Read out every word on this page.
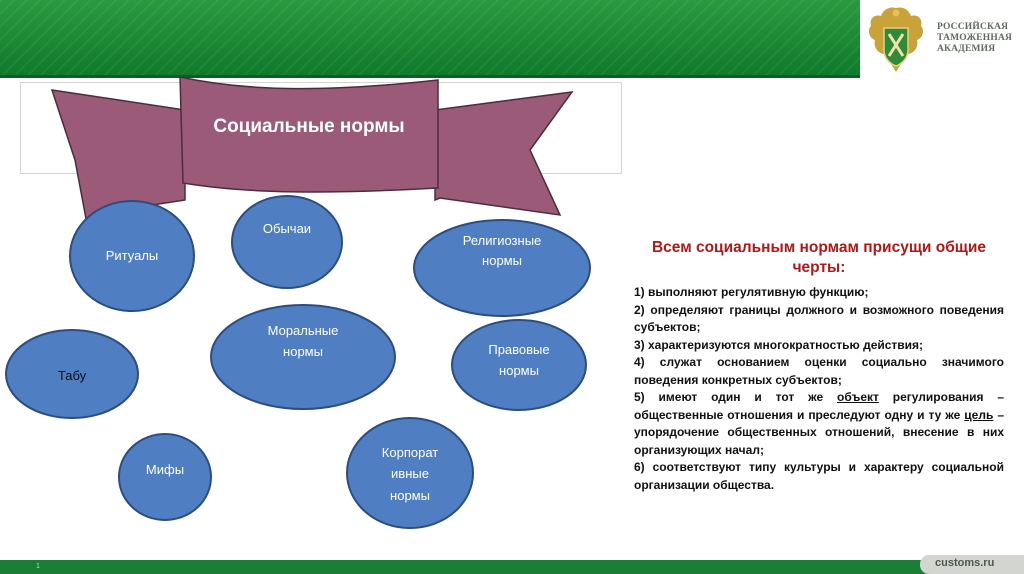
РОССИЙСКАЯ
ТАМОЖЕННАЯ
АКАДЕМИЯ
Социальные нормы
Ритуалы
Обычаи
Религиозные
нормы
Моральные
нормы
Табу
Правовые
нормы
Мифы
Корпорат
ивные
нормы
Всем социальным нормам присущи общие черты:
1) выполняют регулятивную функцию;
2) определяют границы должного и возможного поведения субъектов;
3) характеризуются многократностью действия;
4) служат основанием оценки социально значимого поведения конкретных субъектов;
5) имеют один и тот же объект регулирования – общественные отношения и преследуют одну и ту же цель – упорядочение общественных отношений, внесение в них организующих начал;
6) соответствуют типу культуры и характеру социальной организации общества.
1	customs.ru
